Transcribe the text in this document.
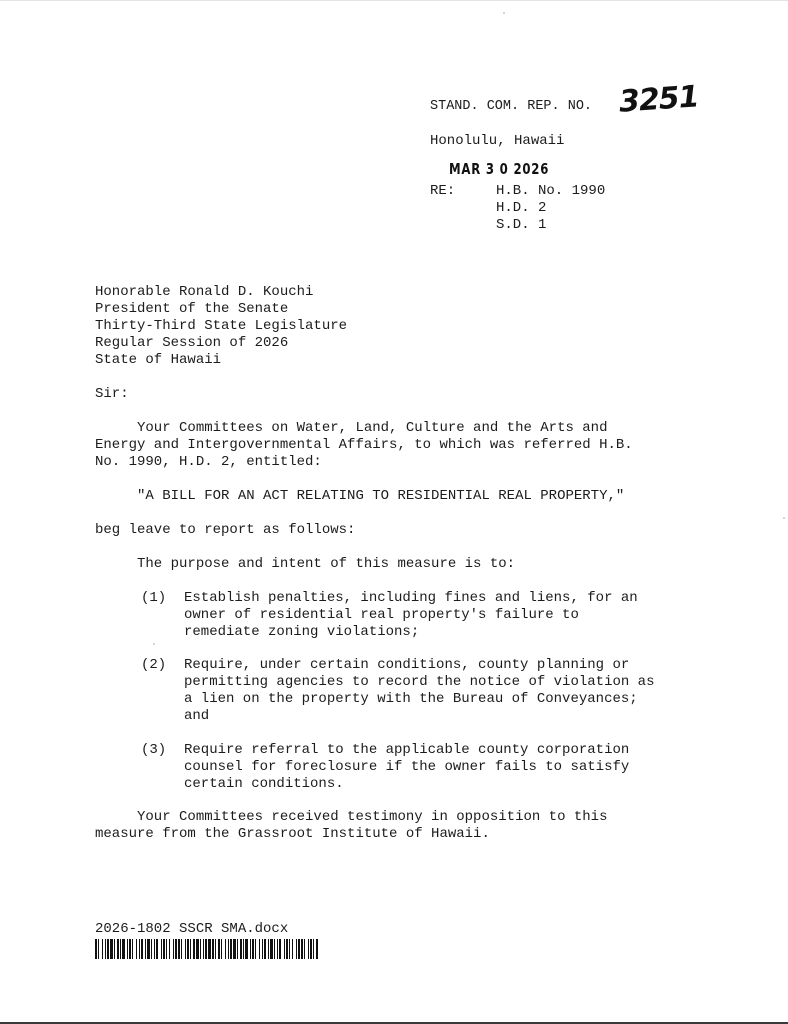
STAND. COM. REP. NO. 3251
Honolulu, Hawaii
MAR 3 0 2026
RE:	H.B. No. 1990
H.D. 2
S.D. 1
Honorable Ronald D. Kouchi
President of the Senate
Thirty-Third State Legislature
Regular Session of 2026
State of Hawaii
Sir:
Your Committees on Water, Land, Culture and the Arts and
Energy and Intergovernmental Affairs, to which was referred H.B.
No. 1990, H.D. 2, entitled:
"A BILL FOR AN ACT RELATING TO RESIDENTIAL REAL PROPERTY,"
beg leave to report as follows:
The purpose and intent of this measure is to:
(1) Establish penalties, including fines and liens, for an
owner of residential real property's failure to
remediate zoning violations;
(2) Require, under certain conditions, county planning or
permitting agencies to record the notice of violation as
a lien on the property with the Bureau of Conveyances;
and
(3) Require referral to the applicable county corporation
counsel for foreclosure if the owner fails to satisfy
certain conditions.
Your Committees received testimony in opposition to this
measure from the Grassroot Institute of Hawaii.
2026-1802 SSCR SMA.docx
